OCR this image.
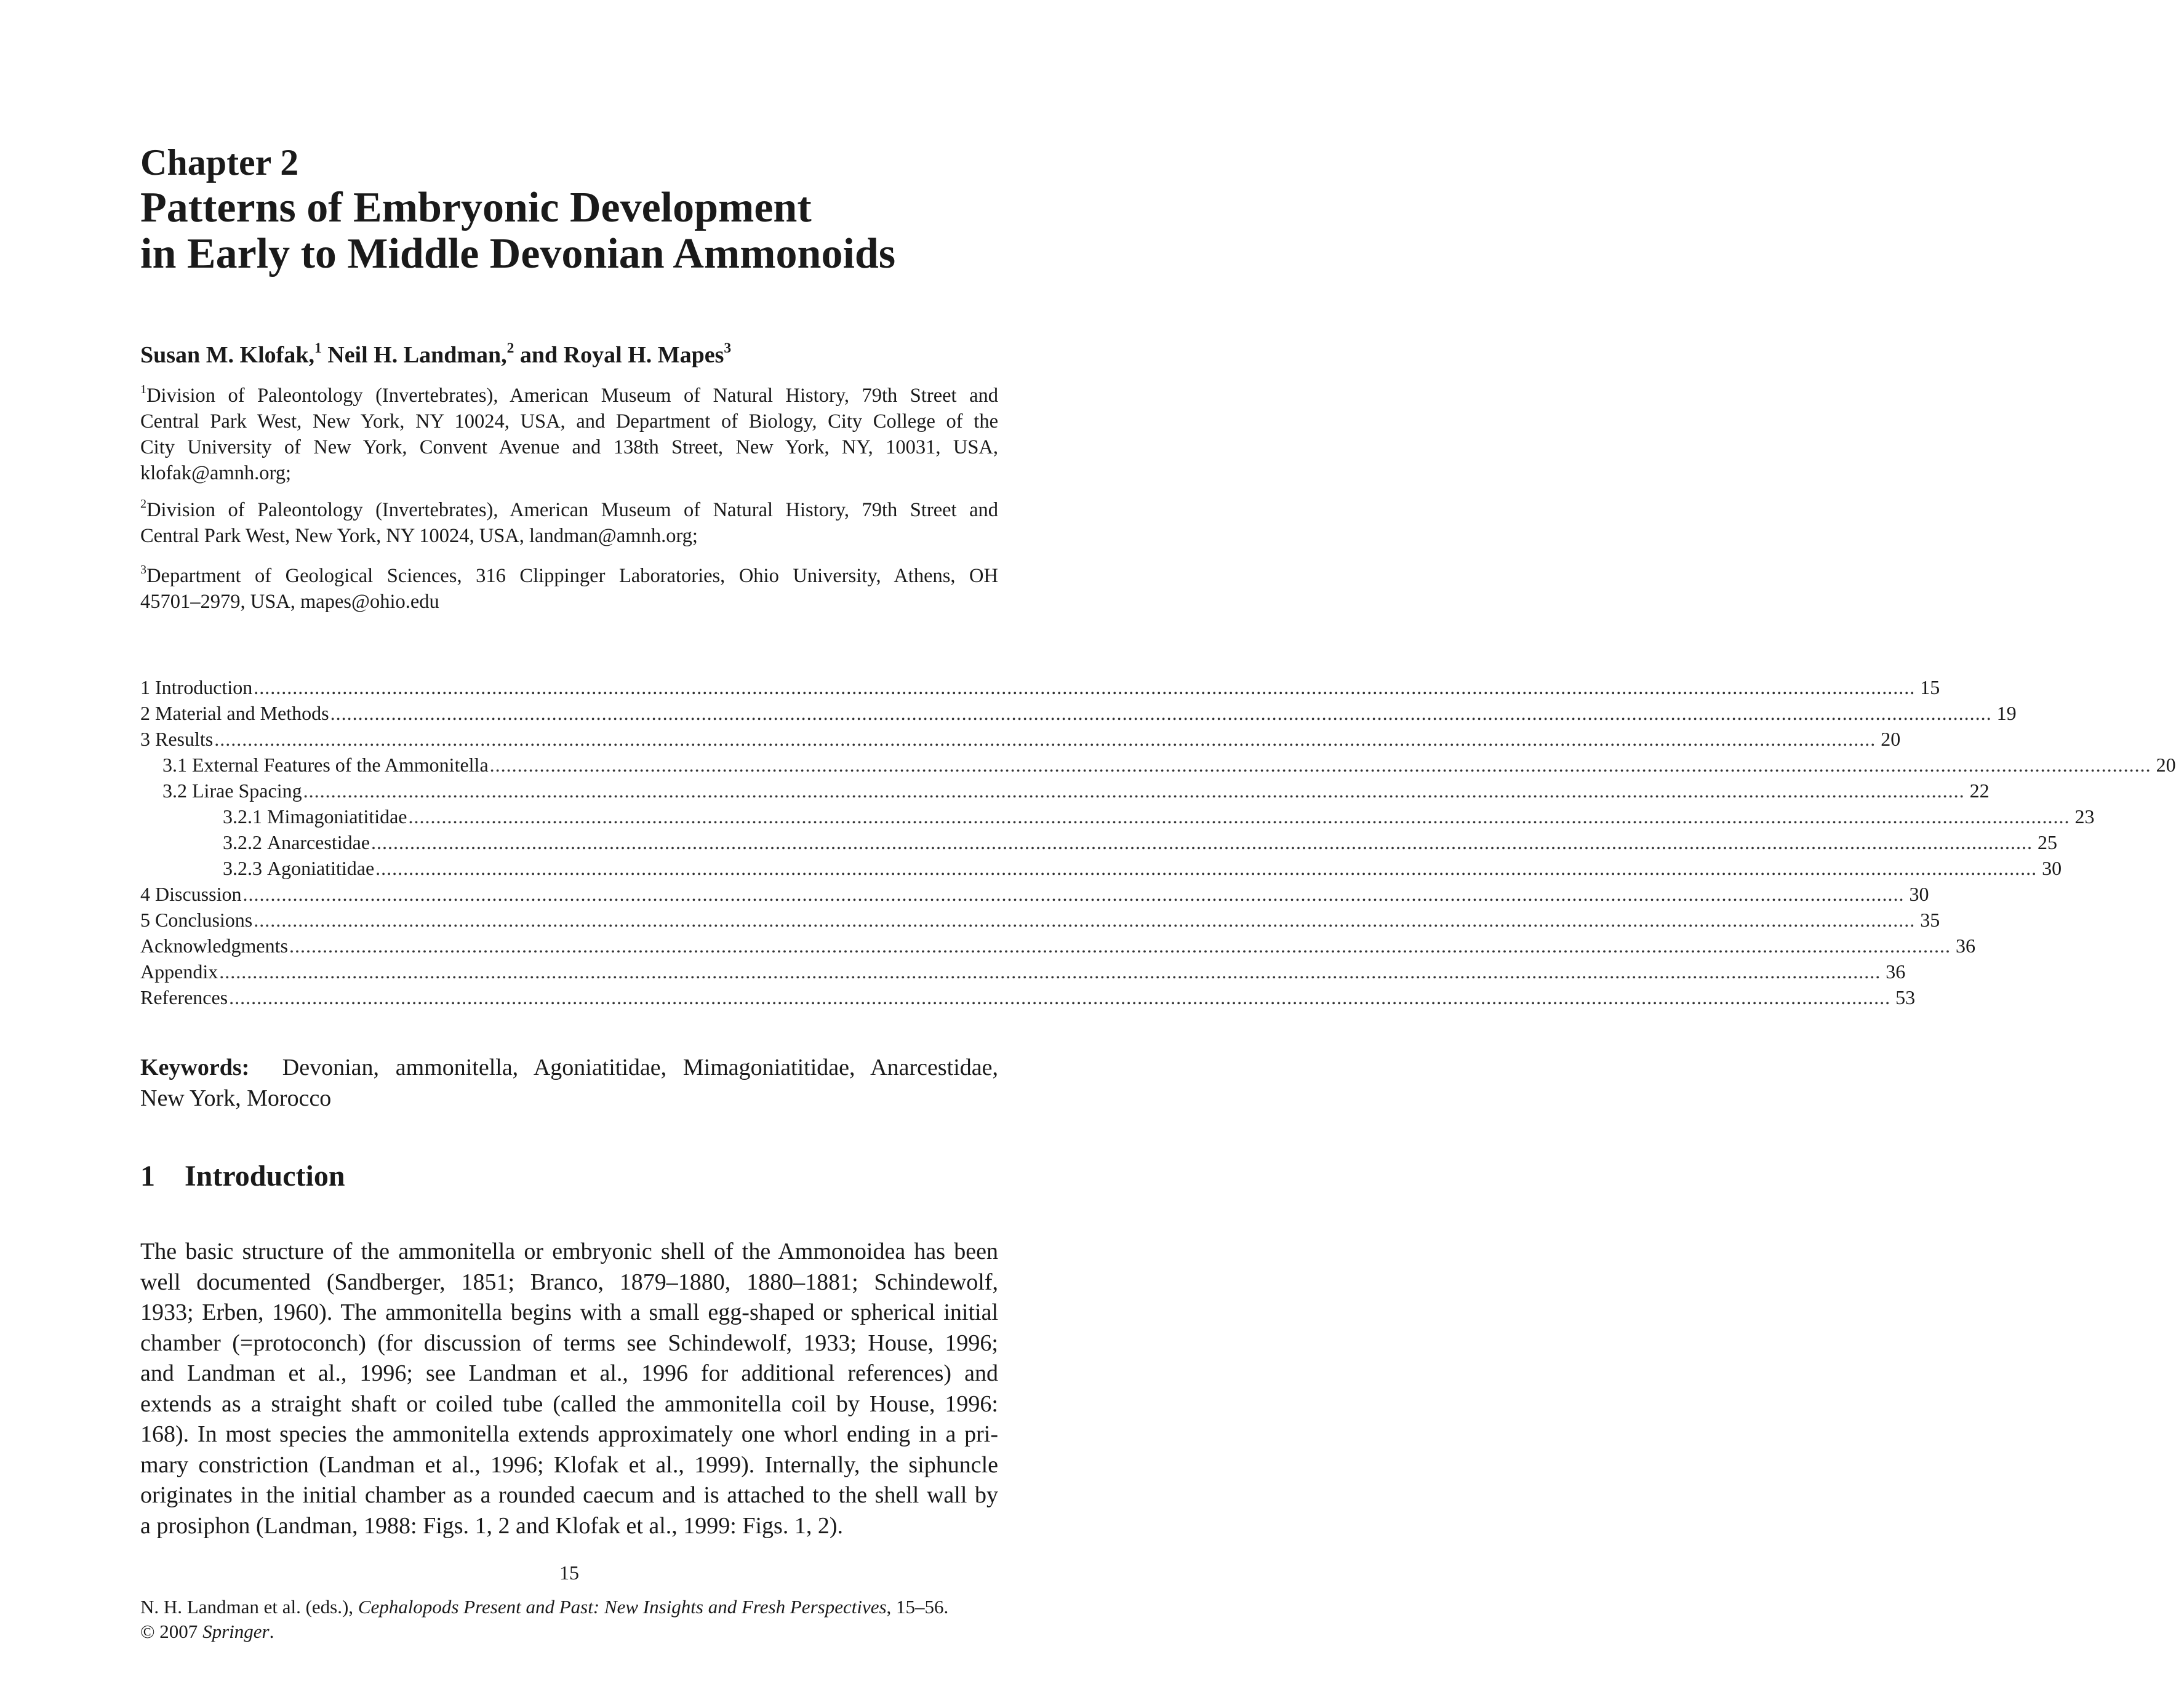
Chapter 2
Patterns of Embryonic Development
in Early to Middle Devonian Ammonoids
Susan M. Klofak,$^1$ Neil H. Landman,$^2$ and Royal H. Mapes$^3$
$^1$Division of Paleontology (Invertebrates), American Museum of Natural History, 79th Street and
Central Park West, New York, NY 10024, USA, and Department of Biology, City College of the
City University of New York, Convent Avenue and 138th Street, New York, NY, 10031, USA,
klofak@amnh.org;
$^2$Division of Paleontology (Invertebrates), American Museum of Natural History, 79th Street and
Central Park West, New York, NY 10024, USA, landman@amnh.org;
$^3$Department of Geological Sciences, 316 Clippinger Laboratories, Ohio University, Athens, OH
45701–2979, USA, mapes@ohio.edu
1 Introduction ............................................................................................................................................................................................................................................................................................................ 15
2 Material and Methods ............................................................................................................................................................................................................................................................................................................ 19
3 Results ............................................................................................................................................................................................................................................................................................................ 20
3.1 External Features of the Ammonitella ............................................................................................................................................................................................................................................................................................................ 20
3.2 Lirae Spacing ............................................................................................................................................................................................................................................................................................................ 22
3.2.1 Mimagoniatitidae ............................................................................................................................................................................................................................................................................................................ 23
3.2.2 Anarcestidae ............................................................................................................................................................................................................................................................................................................ 25
3.2.3 Agoniatitidae ............................................................................................................................................................................................................................................................................................................ 30
4 Discussion ............................................................................................................................................................................................................................................................................................................ 30
5 Conclusions ............................................................................................................................................................................................................................................................................................................ 35
Acknowledgments ............................................................................................................................................................................................................................................................................................................ 36
Appendix ............................................................................................................................................................................................................................................................................................................ 36
References ............................................................................................................................................................................................................................................................................................................ 53
Keywords: Devonian, ammonitella, Agoniatitidae, Mimagoniatitidae, Anarcestidae,
New York, Morocco
1 Introduction
The basic structure of the ammonitella or embryonic shell of the Ammonoidea has been
well documented (Sandberger, 1851; Branco, 1879–1880, 1880–1881; Schindewolf,
1933; Erben, 1960). The ammonitella begins with a small egg-shaped or spherical initial
chamber (=protoconch) (for discussion of terms see Schindewolf, 1933; House, 1996;
and Landman et al., 1996; see Landman et al., 1996 for additional references) and
extends as a straight shaft or coiled tube (called the ammonitella coil by House, 1996:
168). In most species the ammonitella extends approximately one whorl ending in a pri-
mary constriction (Landman et al., 1996; Klofak et al., 1999). Internally, the siphuncle
originates in the initial chamber as a rounded caecum and is attached to the shell wall by
a prosiphon (Landman, 1988: Figs. 1, 2 and Klofak et al., 1999: Figs. 1, 2).
15
N. H. Landman et al. (eds.), Cephalopods Present and Past: New Insights and Fresh Perspectives, 15–56.
© 2007 Springer.
